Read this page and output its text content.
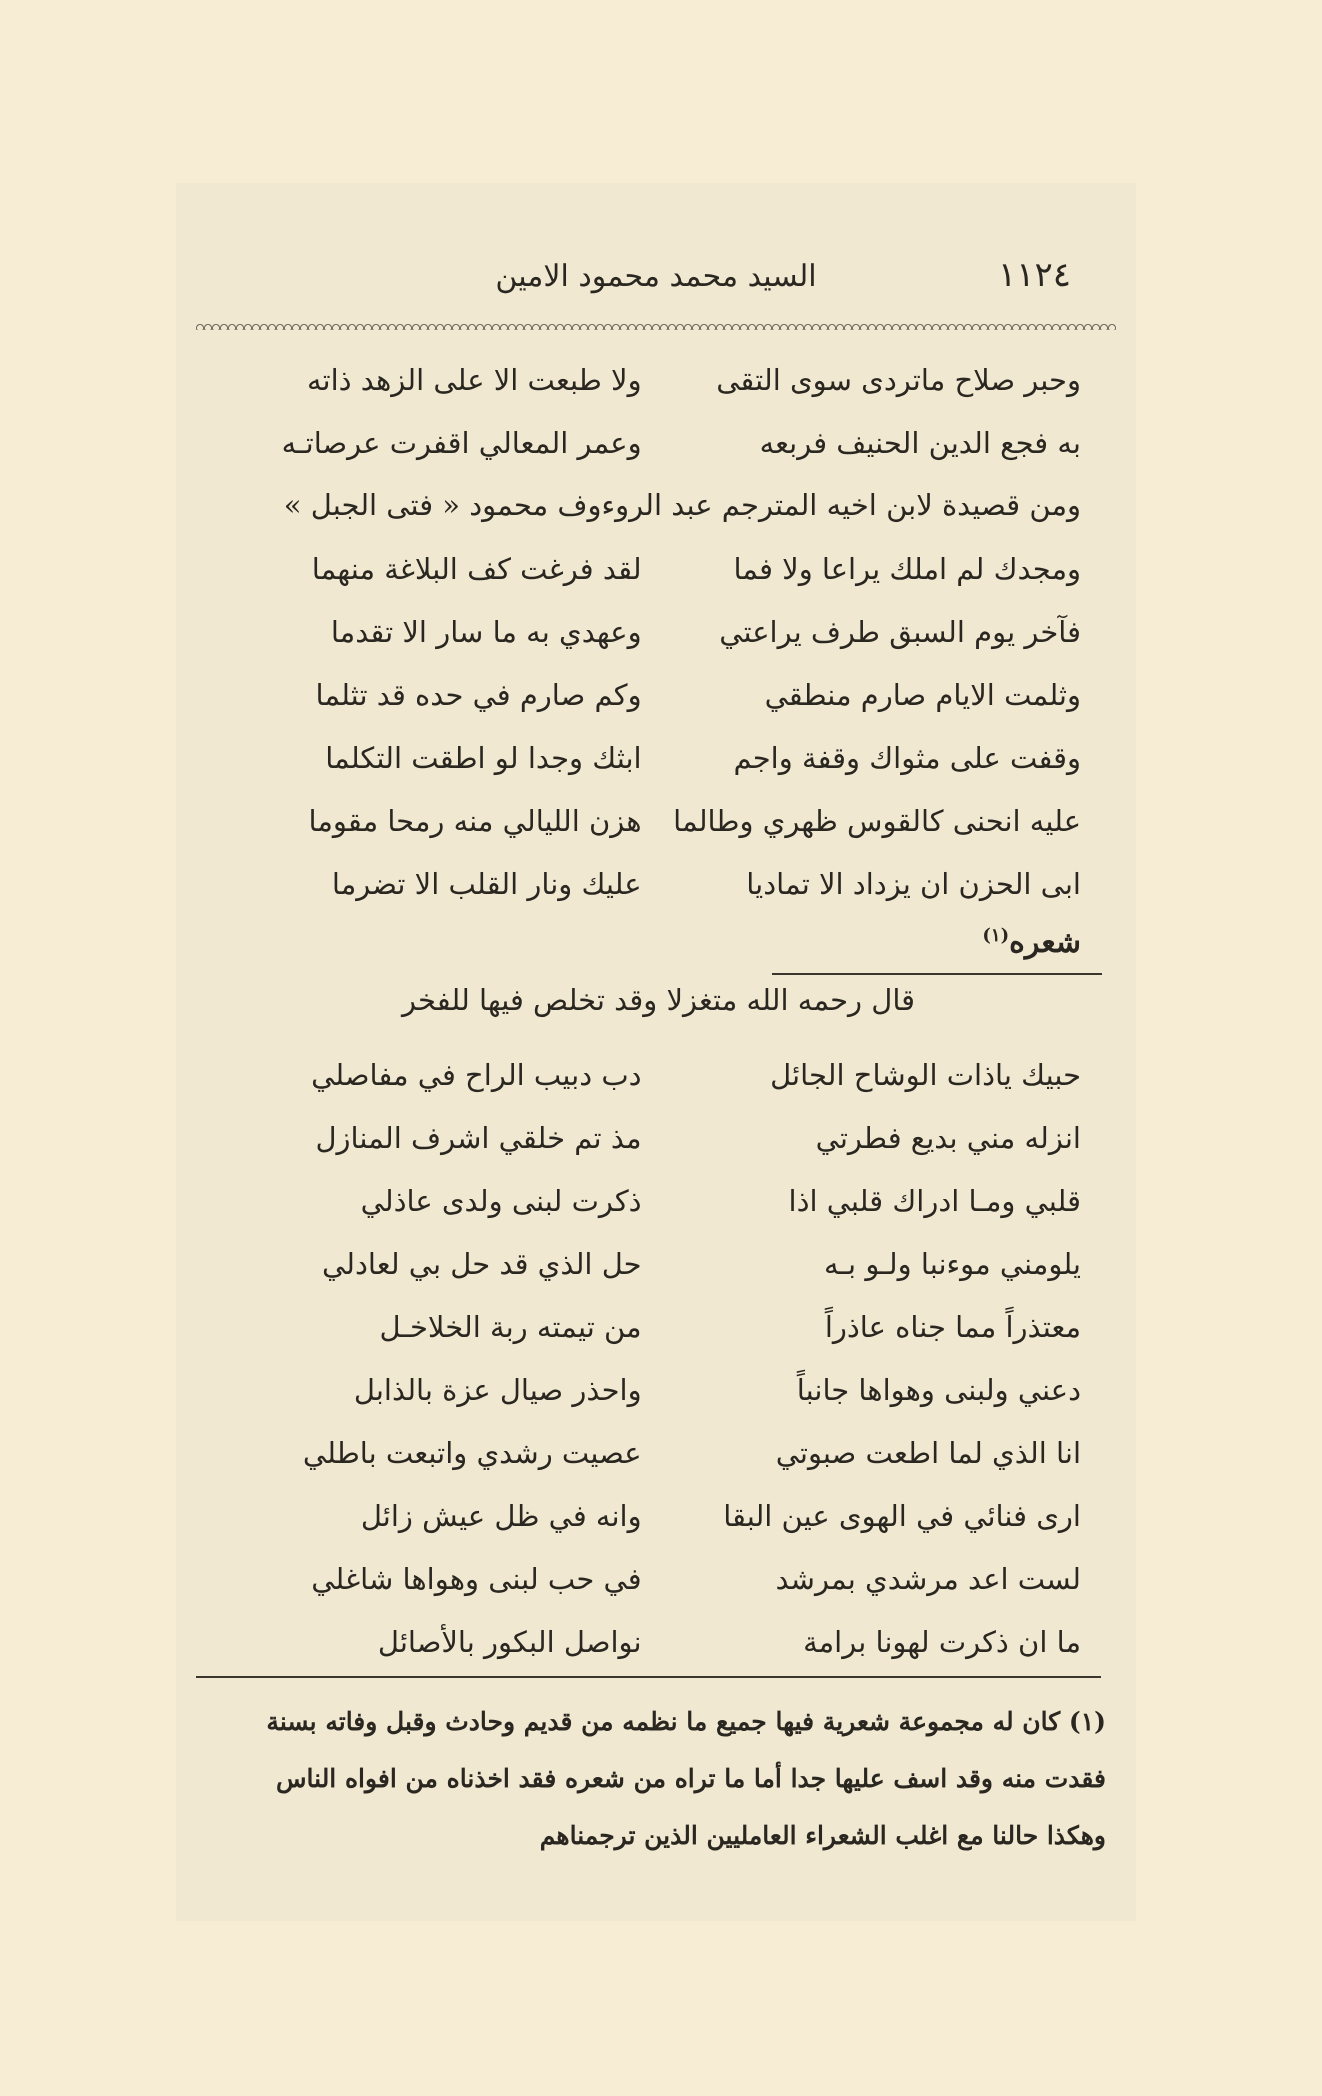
١١٢٤
السيد محمد محمود الامين
وحبر صلاح ماتردى سوى التقى
ولا طبعت الا على الزهد ذاته
به فجع الدين الحنيف فربعه
وعمر المعالي اقفرت عرصاتـه
ومن قصيدة لابن اخيه المترجم عبد الروءوف محمود « فتى الجبل »
ومجدك لم املك يراعا ولا فما
لقد فرغت كف البلاغة منهما
فآخر يوم السبق طرف يراعتي
وعهدي به ما سار الا تقدما
وثلمت الايام صارم منطقي
وكم صارم في حده قد تثلما
وقفت على مثواك وقفة واجم
ابثك وجدا لو اطقت التكلما
عليه انحنى كالقوس ظهري وطالما
هزن الليالي منه رمحا مقوما
ابى الحزن ان يزداد الا تماديا
عليك ونار القلب الا تضرما
شعره$^{(١)}$
قال رحمه الله متغزلا وقد تخلص فيها للفخر
حبيك ياذات الوشاح الجائل
دب دبيب الراح في مفاصلي
انزله مني بديع فطرتي
مذ تم خلقي اشرف المنازل
قلبي ومـا ادراك قلبي اذا
ذكرت لبنى ولدى عاذلي
يلومني موءنبا ولـو بـه
حل الذي قد حل بي لعادلي
معتذراً مما جناه عاذراً
من تيمته ربة الخلاخـل
دعني ولبنى وهواها جانباً
واحذر صيال عزة بالذابل
انا الذي لما اطعت صبوتي
عصيت رشدي واتبعت باطلي
ارى فنائي في الهوى عين البقا
وانه في ظل عيش زائل
لست اعد مرشدي بمرشد
في حب لبنى وهواها شاغلي
ما ان ذكرت لهونا برامة
نواصل البكور بالأصائل
(١) كان له مجموعة شعرية فيها جميع ما نظمه من قديم وحادث وقبل وفاته بسنة
فقدت منه وقد اسف عليها جدا أما ما تراه من شعره فقد اخذناه من افواه الناس
وهكذا حالنا مع اغلب الشعراء العامليين الذين ترجمناهم
